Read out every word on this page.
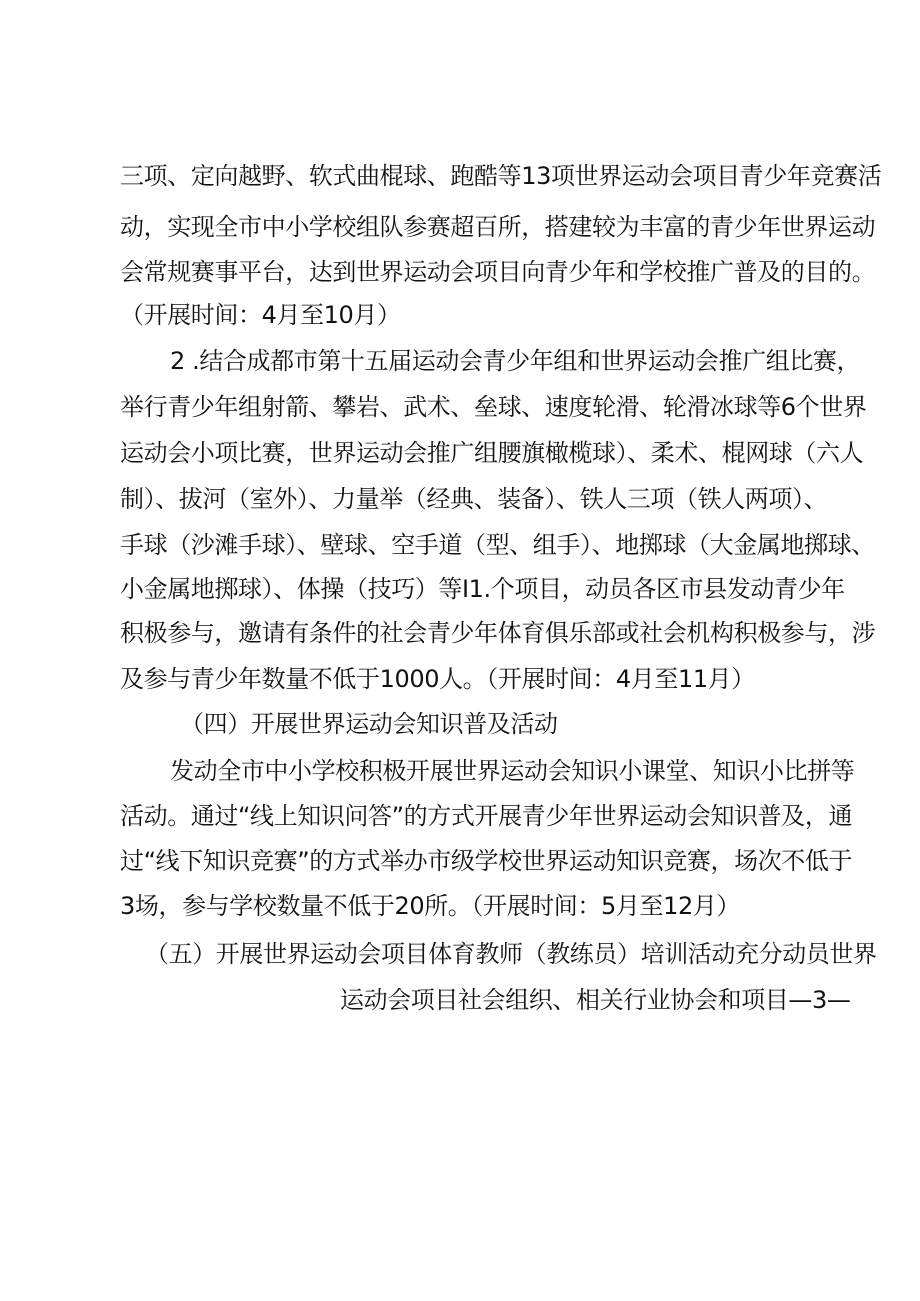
三项、定向越野、软式曲棍球、跑酷等13项世界运动会项目青少年竞赛活
动，实现全市中小学校组队参赛超百所，搭建较为丰富的青少年世界运动
会常规赛事平台，达到世界运动会项目向青少年和学校推广普及的目的。
（开展时间：4月至10月）
2 .结合成都市第十五届运动会青少年组和世界运动会推广组比赛，
举行青少年组射箭、攀岩、武术、垒球、速度轮滑、轮滑冰球等6个世界
运动会小项比赛，世界运动会推广组腰旗橄榄球）、柔术、棍网球（六人
制）、拔河（室外）、力量举（经典、装备）、铁人三项（铁人两项）、
手球（沙滩手球）、壁球、空手道（型、组手）、地掷球（大金属地掷球、
小金属地掷球）、体操（技巧）等I1.个项目，动员各区市县发动青少年
积极参与，邀请有条件的社会青少年体育俱乐部或社会机构积极参与，涉
及参与青少年数量不低于1000人。（开展时间：4月至11月）
（四）开展世界运动会知识普及活动
发动全市中小学校积极开展世界运动会知识小课堂、知识小比拼等
活动。通过“线上知识问答”的方式开展青少年世界运动会知识普及，通
过“线下知识竞赛”的方式举办市级学校世界运动知识竞赛，场次不低于
3场，参与学校数量不低于20所。（开展时间：5月至12月）
（五）开展世界运动会项目体育教师（教练员）培训活动充分动员世界
运动会项目社会组织、相关行业协会和项目—3—
